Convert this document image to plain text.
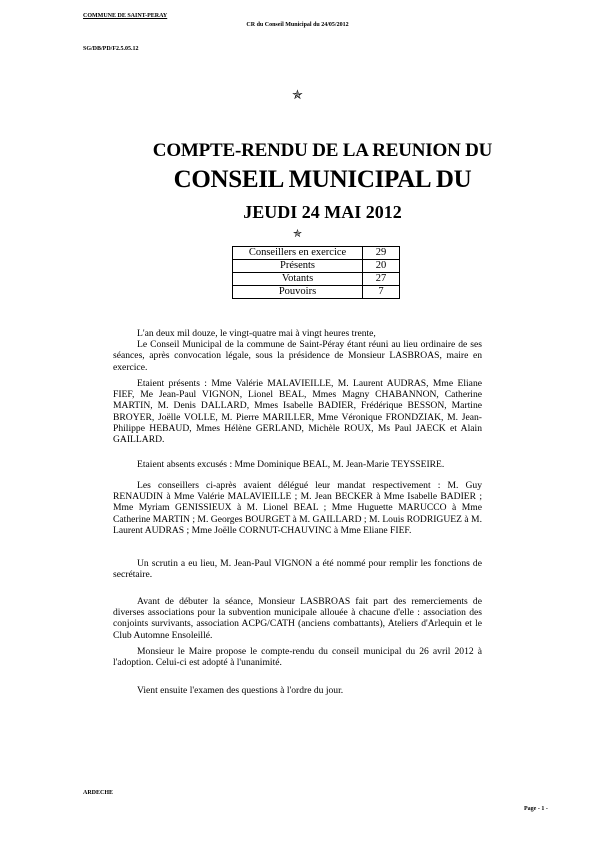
COMMUNE DE SAINT-PERAY
CR du Conseil Municipal du 24/05/2012
SG/DB/PD/F2.5.05.12
✯
COMPTE-RENDU DE LA REUNION DU
CONSEIL MUNICIPAL DU
JEUDI 24 MAI 2012
✯
Conseillers en exercice	29
Présents	20
Votants	27
Pouvoirs	7

L'an deux mil douze, le vingt-quatre mai à vingt heures trente,

Le Conseil Municipal de la commune de Saint-Péray étant réuni au lieu ordinaire de ses séances, après convocation légale, sous la présidence de Monsieur LASBROAS, maire en exercice.

Etaient présents : Mme Valérie MALAVIEILLE, M. Laurent AUDRAS, Mme Eliane FIEF, Me Jean-Paul VIGNON, Lionel BEAL, Mmes Magny CHABANNON, Catherine MARTIN, M. Denis DALLARD, Mmes Isabelle BADIER, Frédérique BESSON, Martine BROYER, Joëlle VOLLE, M. Pierre MARILLER, Mme Véronique FRONDZIAK, M. Jean-Philippe HEBAUD, Mmes Hélène GERLAND, Michèle ROUX, Ms Paul JAECK et Alain GAILLARD.

Etaient absents excusés : Mme Dominique BEAL, M. Jean-Marie TEYSSEIRE.

Les conseillers ci-après avaient délégué leur mandat respectivement : M. Guy RENAUDIN à Mme Valérie MALAVIEILLE ; M. Jean BECKER à Mme Isabelle BADIER ; Mme Myriam GENISSIEUX à M. Lionel BEAL ; Mme Huguette MARUCCO à Mme Catherine MARTIN ; M. Georges BOURGET à M. GAILLARD ; M. Louis RODRIGUEZ à M. Laurent AUDRAS ; Mme Joëlle CORNUT-CHAUVINC à Mme Eliane FIEF.

Un scrutin a eu lieu, M. Jean-Paul VIGNON a été nommé pour remplir les fonctions de secrétaire.

Avant de débuter la séance, Monsieur LASBROAS fait part des remerciements de diverses associations pour la subvention municipale allouée à chacune d'elle : association des conjoints survivants, association ACPG/CATH (anciens combattants), Ateliers d'Arlequin et le Club Automne Ensoleillé.

Monsieur le Maire propose le compte-rendu du conseil municipal du 26 avril 2012 à l'adoption. Celui-ci est adopté à l'unanimité.

Vient ensuite l'examen des questions à l'ordre du jour.

ARDECHE
Page - 1 -
